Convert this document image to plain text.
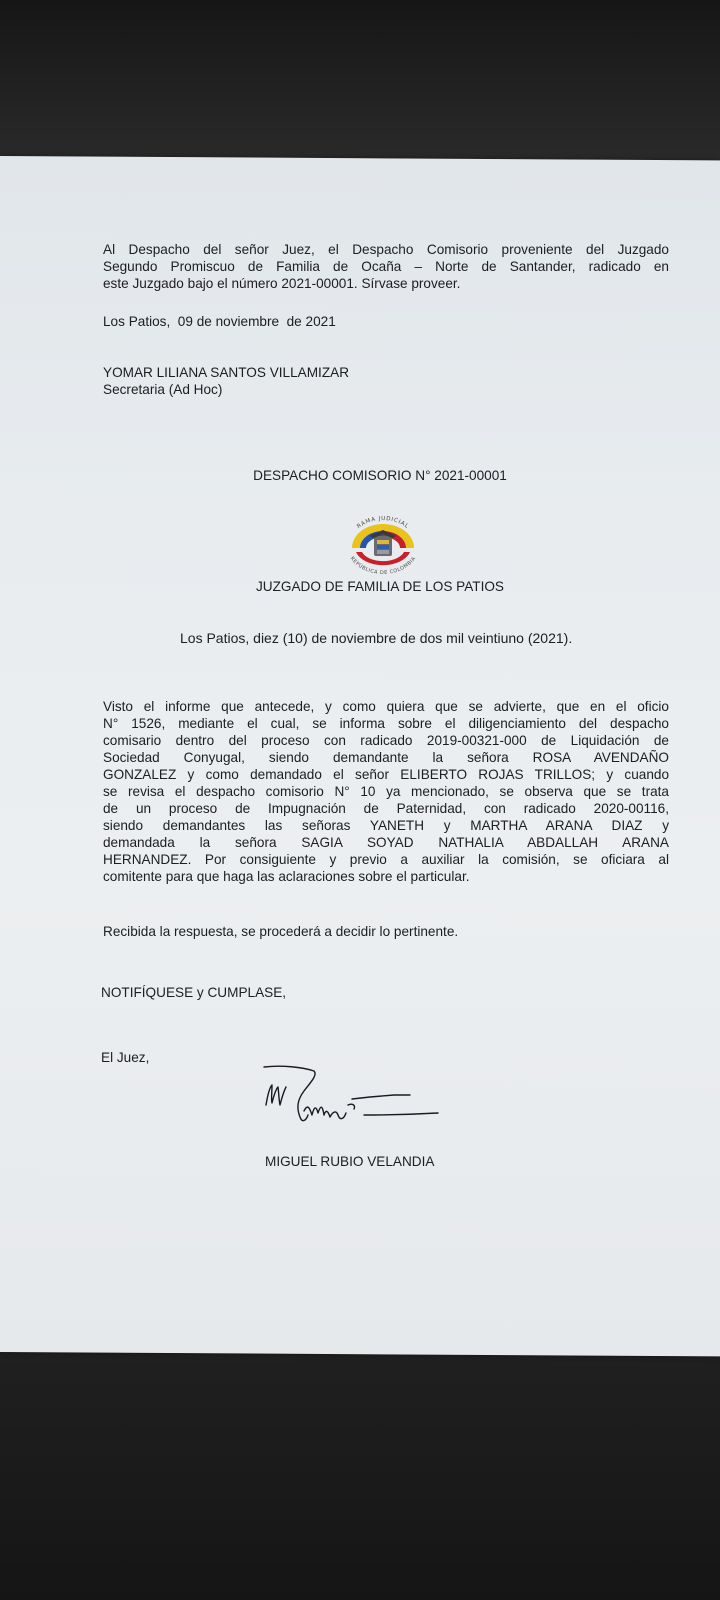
Al Despacho del señor Juez, el Despacho Comisorio proveniente del Juzgado
Segundo Promiscuo de Familia de Ocaña – Norte de Santander, radicado en
este Juzgado bajo el número 2021-00001. Sírvase proveer.
Los Patios,  09 de noviembre  de 2021
YOMAR LILIANA SANTOS VILLAMIZAR
Secretaria (Ad Hoc)
DESPACHO COMISORIO N° 2021-00001
RAMA JUDICIAL
REPÚBLICA DE COLOMBIA
JUZGADO DE FAMILIA DE LOS PATIOS
Los Patios, diez (10) de noviembre de dos mil veintiuno (2021).
Visto el informe que antecede, y como quiera que se advierte, que en el oficio
N° 1526, mediante el cual, se informa sobre el diligenciamiento del despacho
comisario dentro del proceso con radicado 2019-00321-000 de Liquidación de
Sociedad Conyugal, siendo demandante la señora ROSA AVENDAÑO
GONZALEZ y como demandado el señor ELIBERTO ROJAS TRILLOS; y cuando
se revisa el despacho comisorio N° 10 ya mencionado, se observa que se trata
de un proceso de Impugnación de Paternidad, con radicado 2020-00116,
siendo demandantes las señoras YANETH y MARTHA ARANA DIAZ y
demandada la señora SAGIA SOYAD NATHALIA ABDALLAH ARANA
HERNANDEZ. Por consiguiente y previo a auxiliar la comisión, se oficiara al
comitente para que haga las aclaraciones sobre el particular.
Recibida la respuesta, se procederá a decidir lo pertinente.
NOTIFÍQUESE y CUMPLASE,
El Juez,
MIGUEL RUBIO VELANDIA
